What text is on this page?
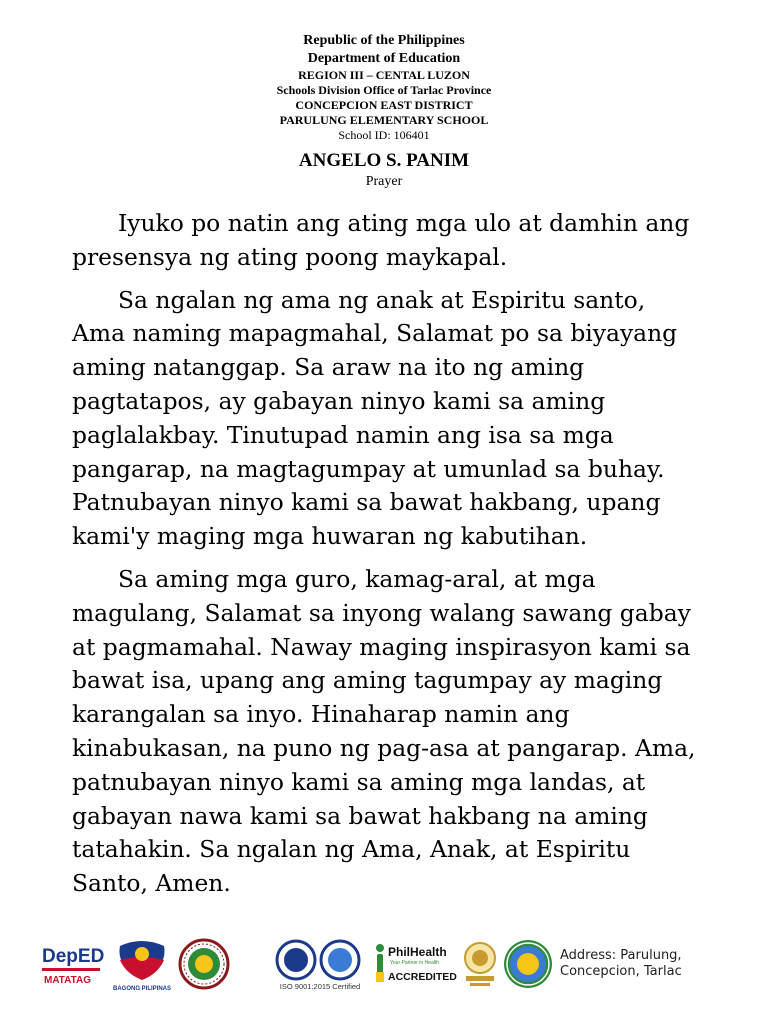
Republic of the Philippines
Department of Education
REGION III – CENTAL LUZON
Schools Division Office of Tarlac Province
CONCEPCION EAST DISTRICT
PARULUNG ELEMENTARY SCHOOL
School ID: 106401
ANGELO S. PANIM
Prayer

Iyuko po natin ang ating mga ulo at damhin ang presensya ng ating poong maykapal.

Sa ngalan ng ama ng anak at Espiritu santo, Ama naming mapagmahal, Salamat po sa biyayang aming natanggap. Sa araw na ito ng aming pagtatapos, ay gabayan ninyo kami sa aming paglalakbay. Tinutupad namin ang isa sa mga pangarap, na magtagumpay at umunlad sa buhay. Patnubayan ninyo kami sa bawat hakbang, upang kami'y maging mga huwaran ng kabutihan.

Sa aming mga guro, kamag-aral, at mga magulang, Salamat sa inyong walang sawang gabay at pagmamahal. Naway maging inspirasyon kami sa bawat isa, upang ang aming tagumpay ay maging karangalan sa inyo. Hinaharap namin ang kinabukasan, na puno ng pag-asa at pangarap. Ama, patnubayan ninyo kami sa aming mga landas, at gabayan nawa kami sa bawat hakbang na aming tatahakin. Sa ngalan ng Ama, Anak, at Espiritu Santo, Amen.

DepED
MATATAG
BAGONG PILIPINAS	ISO 9001:2015 Certified
PhilHealth
Your Partner in Health
ACCREDITED
Address: Parulung,
Concepcion, Tarlac
